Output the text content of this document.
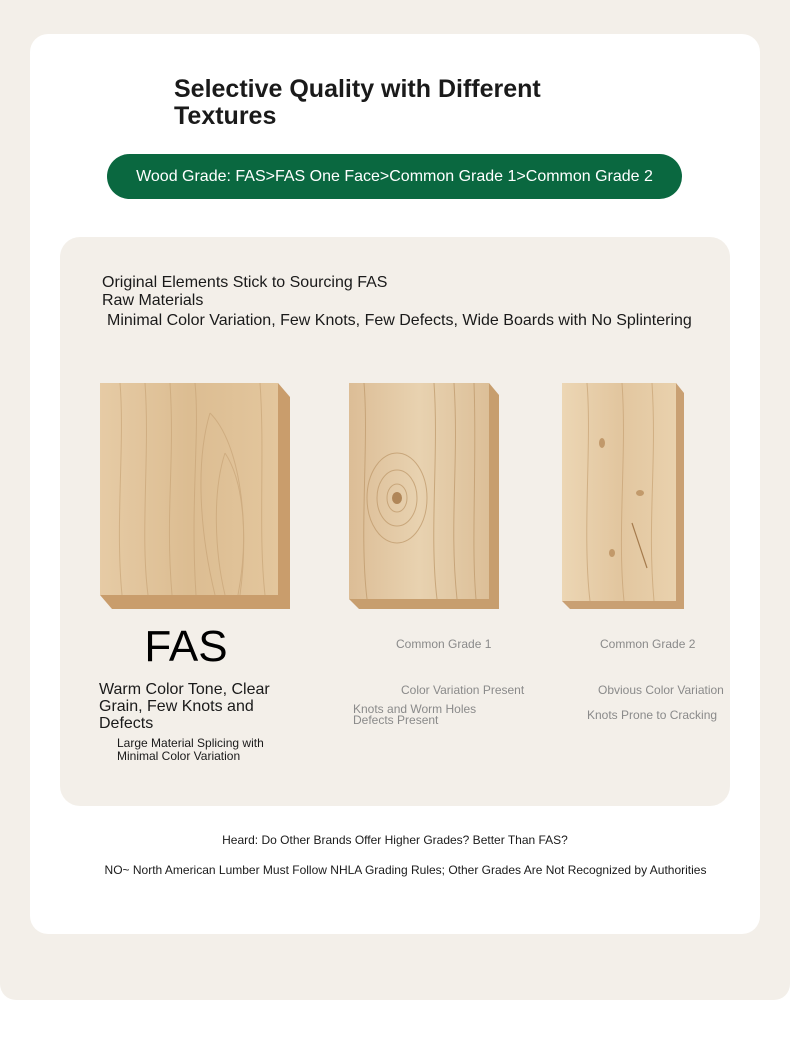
Selective Quality with Different Textures
Wood Grade: FAS>FAS One Face>Common Grade 1>Common Grade 2
Original Elements Stick to Sourcing FAS
Raw Materials
Minimal Color Variation, Few Knots, Few Defects, Wide Boards with No Splintering
FAS	Common Grade 1	Common Grade 2
Warm Color Tone, Clear Grain, Few Knots and Defects
Large Material Splicing with Minimal Color Variation
Color Variation Present
Knots and Worm Holes Defects Present
Obvious Color Variation
Knots Prone to Cracking
Heard: Do Other Brands Offer Higher Grades? Better Than FAS?
NO~ North American Lumber Must Follow NHLA Grading Rules; Other Grades Are Not Recognized by Authorities
